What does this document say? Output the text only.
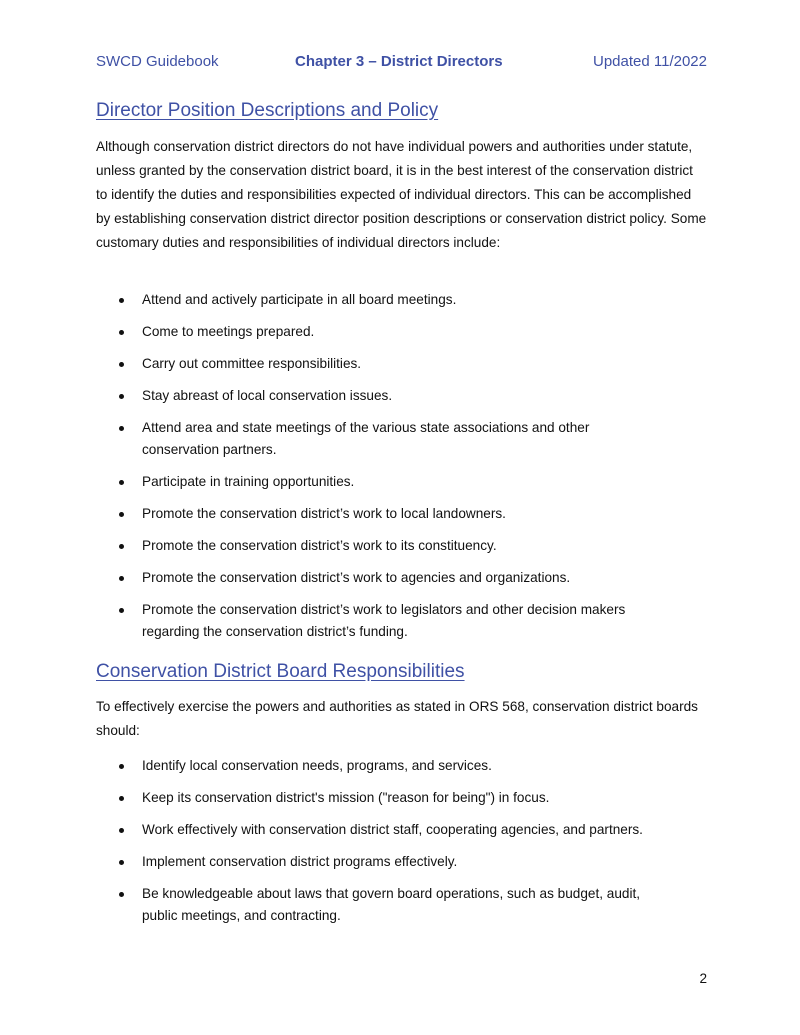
SWCD Guidebook	Chapter 3 – District Directors	Updated 11/2022
Director Position Descriptions and Policy

Although conservation district directors do not have individual powers and authorities under statute, unless granted by the conservation district board, it is in the best interest of the conservation district to identify the duties and responsibilities expected of individual directors. This can be accomplished by establishing conservation district director position descriptions or conservation district policy. Some customary duties and responsibilities of individual directors include:

Attend and actively participate in all board meetings.
Come to meetings prepared.
Carry out committee responsibilities.
Stay abreast of local conservation issues.
Attend area and state meetings of the various state associations and other conservation partners.
Participate in training opportunities.
Promote the conservation district’s work to local landowners.
Promote the conservation district’s work to its constituency.
Promote the conservation district’s work to agencies and organizations.
Promote the conservation district’s work to legislators and other decision makers regarding the conservation district’s funding.
Conservation District Board Responsibilities

To effectively exercise the powers and authorities as stated in ORS 568, conservation district boards should:

Identify local conservation needs, programs, and services.
Keep its conservation district's mission ("reason for being") in focus.
Work effectively with conservation district staff, cooperating agencies, and partners.
Implement conservation district programs effectively.
Be knowledgeable about laws that govern board operations, such as budget, audit, public meetings, and contracting.
2
